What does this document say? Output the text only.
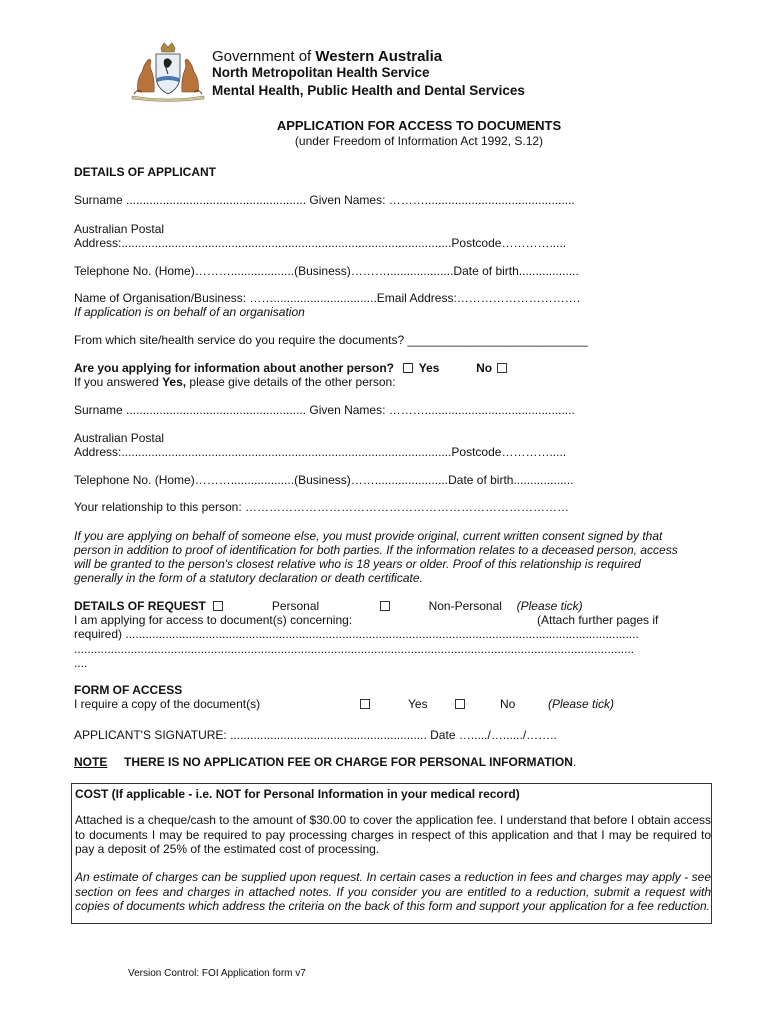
Government of Western Australia
North Metropolitan Health Service
Mental Health, Public Health and Dental Services
APPLICATION FOR ACCESS TO DOCUMENTS
(under Freedom of Information Act 1992, S.12)
DETAILS OF APPLICANT
Surname ...................................................... Given Names: ……….............................................
Australian Postal
Address:...................................................................................................Postcode………….....
Telephone No. (Home)………...................(Business)………....................Date of birth..................
Name of Organisation/Business: ……...............................Email Address:………………………….
If application is on behalf of an organisation
From which site/health service do you require the documents? ___________________________
Are you applying for information about another person? Yes	No
If you answered Yes, please give details of the other person:
Surname ...................................................... Given Names: ……….............................................
Australian Postal
Address:...................................................................................................Postcode………….....
Telephone No. (Home)………...................(Business)……......................Date of birth..................
Your relationship to this person: ………………………………………………………………………
If you are applying on behalf of someone else, you must provide original, current written consent signed by that person in addition to proof of identification for both parties. If the information relates to a deceased person, access will be granted to the person's closest relative who is 18 years or older. Proof of this relationship is required generally in the form of a statutory declaration or death certificate.
DETAILS OF REQUEST	Personal	Non-Personal (Please tick)
I am applying for access to document(s) concerning:	(Attach further pages if
required) ..........................................................................................................................................................
........................................................................................................................................................................
....
FORM OF ACCESS
I require a copy of the document(s)	Yes	No	(Please tick)
APPLICANT'S SIGNATURE: ........................................................... Date …...../…....../……..
NOTE THERE IS NO APPLICATION FEE OR CHARGE FOR PERSONAL INFORMATION.
COST (If applicable - i.e. NOT for Personal Information in your medical record)
Attached is a cheque/cash to the amount of $30.00 to cover the application fee. I understand that before I obtain access to documents I may be required to pay processing charges in respect of this application and that I may be required to pay a deposit of 25% of the estimated cost of processing.
An estimate of charges can be supplied upon request. In certain cases a reduction in fees and charges may apply - see section on fees and charges in attached notes. If you consider you are entitled to a reduction, submit a request with copies of documents which address the criteria on the back of this form and support your application for a fee reduction.
Version Control: FOI Application form v7
